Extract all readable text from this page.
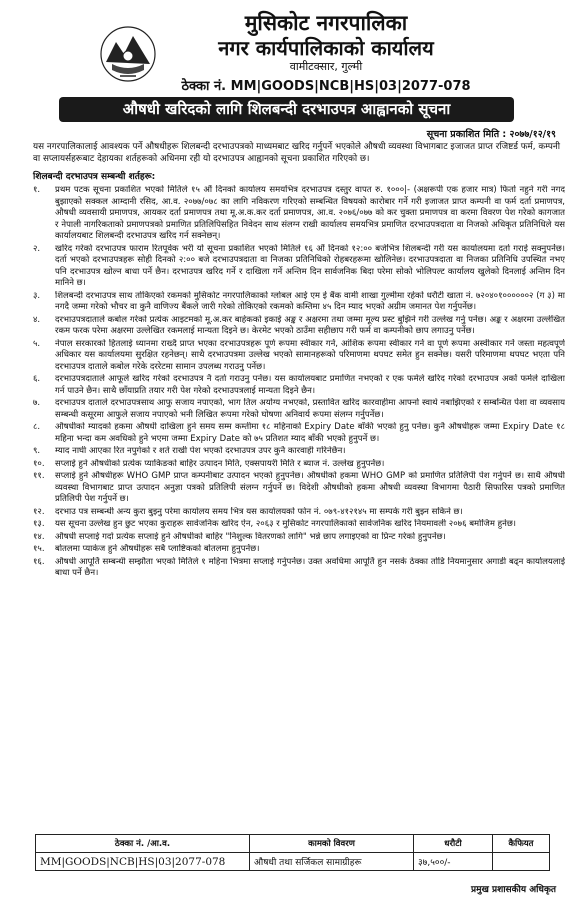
मुसिकोट नगरपालिका
नगर कार्यपालिकाको कार्यालय
वामीटक्सार, गुल्मी
ठेक्का नं. MM|GOODS|NCB|HS|03|2077-078
औषधी खरिदको लागि शिलबन्दी दरभाउपत्र आह्वानको सूचना
सूचना प्रकाशित मिति : २०७७/१२/१९
यस नगरपालिकालाई आवश्यक पर्ने औषधीहरू शिलबन्दी दरभाउपत्रको माध्यमबाट खरिद गर्नुपर्ने भएकोले औषधी व्यवस्था विभागबाट इजाजत प्राप्त रजिष्टर्ड फर्म, कम्पनी वा सप्लायर्सहरूबाट देहायका शर्तहरूको अधिनमा रही यो दरभाउपत्र आह्वानको सूचना प्रकाशित गरिएको छ।
शिलबन्दी दरभाउपत्र सम्बन्धी शर्तहरू:
१.	प्रथम पटक सूचना प्रकाशित भएको मितिले १५ औं दिनको कार्यालय समयभित्र दरभाउपत्र दस्तुर वापत रु. १०००|- (अक्षरूपी एक हजार मात्र) फिर्ता नहुने गरी नगद बुझाएको सक्कल आम्दानी रसिद, आ.व. २०७७/०७८ का लागि नविकरण गरिएको सम्बन्धित विषयको कारोबार गर्ने गरी इजाजत प्राप्त कम्पनी वा फर्म दर्ता प्रमाणपत्र, औषधी व्यवसायी प्रमाणपत्र, आयकर दर्ता प्रमाणपत्र तथा मू.अ.क.कर दर्ता प्रमाणपत्र, आ.व. २०७६/०७७ को कर चुक्ता प्रमाणपत्र वा करमा विवरण पेश गरेको कागजात र नेपाली नागरिकताको प्रमाणपत्रको प्रमाणित प्रतिलिपिसहित निवेदन साथ संलग्न राखी कार्यालय समयभित्र प्रमाणित दरभाउपत्रदाता वा निजको अधिकृत प्रतिनिधिले यस कार्यालयबाट शिलबन्दी दरभाउपत्र खरिद गर्न सक्नेछन्।
२.	खरिद गरेको दरभाउपत्र फाराम रितपूर्वक भरी यो सूचना प्रकाशित भएको मितिले १६ औं दिनको १२:०० बजेभित्र शिलबन्दी गरी यस कार्यालयमा दर्ता गराई सक्नुपर्नेछ। दर्ता भएको दरभाउपत्रहरू सोही दिनको २:०० बजे दरभाउपत्रदाता वा निजका प्रतिनिधिको रोहबरहरूमा खोलिनेछ। दरभाउपत्रदाता वा निजका प्रतिनिधि उपस्थित नभए पनि दरभाउपत्र खोल्न बाधा पर्ने छैन। दरभाउपत्र खरिद गर्ने र दाखिला गर्ने अन्तिम दिन सार्वजनिक बिदा परेमा सोको भोलिपल्ट कार्यालय खुलेको दिनलाई अन्तिम दिन मानिने छ।
३.	शिलबन्दी दरभाउपत्र साथ तोकिएको रकमको मुसिकोट नगरपालिकाको ग्लोबल आई एम ई बैंक वामी शाखा गुल्मीमा रहेको धरौटी खाता नं. ७२०४०१००००००२ (ग ३) मा नगदै जम्मा गरेको भौचर वा कुनै वाणिज्य बैंकले जारी गरेको तोकिएको रकमको कम्तिमा ४५ दिन म्याद भएको अग्रीम जमानत पेश गर्नुपर्नेछ।
४.	दरभाउपत्रदाताले कबोल गरेको प्रत्येक आइटमको मू.अ.कर बाहेकको इकाई अङ्क र अक्षरमा तथा जम्मा मूल्य प्रस्ट बुझिने गरी उल्लेख गर्नु पर्नेछ। अङ्क र अक्षरमा उल्लेखित रकम फरक परेमा अक्षरमा उल्लेखित रकमलाई मान्यता दिइने छ। केरमेट भएको ठाउँमा सहीछाप गरी फर्म वा कम्पनीको छाप लगाउनु पर्नेछ।
५.	नेपाल सरकारको हितलाई ध्यानमा राख्दै प्राप्त भएका दरभाउपत्रहरू पूर्ण रूपमा स्वीकार गर्ने, आंशिक रूपमा स्वीकार गर्ने वा पूर्ण रूपमा अस्वीकार गर्ने जस्ता महत्वपूर्ण अधिकार यस कार्यालयमा सुरक्षित रहनेछन्। साथै दरभाउपत्रमा उल्लेख भएको सामानहरूको परिमाणमा थपघट समेत हुन सक्नेछ। यसरी परिमाणमा थपघट भएता पनि दरभाउपत्र दाताले कबोल गरेके दररेटमा सामान उपलब्ध गराउनु पर्नेछ।
६.	दरभाउपत्रदाताले आफूले खरिद गरेको दरभाउपत्र नै दर्ता गराउनु पर्नेछ। यस कार्यालयबाट प्रमाणित नभएको र एक फर्मले खरिद गरेको दरभाउपत्र अर्को फर्मले दाखिला गर्न पाउने छैन। साथै छाँयाप्रति तयार गरी पेश गरेको दरभाउपत्रलाई मान्यता दिइने छैन।
७.	दरभाउपत्र दाताले दरभाउपत्रसाथ आफु सजाय नपाएको, भाग तिल अयोग्य नभएको, प्रस्तावित खरिद कारवाहीमा आफ्नो स्वार्थ नबाझिएको र सम्बन्धित पेशा वा व्यवसाय सम्बन्धी कसूरमा आफुले सजाय नपाएको भनी लिखित रूपमा गरेको घोषणा अनिवार्य रूपमा संलग्न गर्नुपर्नेछ।
८.	औषधीको म्यादको हकमा औषधी दाखिला हुने समय सम्म कम्तीमा १८ महिनाको Expiry Date बाँकी भएको हुनु पर्नेछ। कुनै औषधीहरू जम्मा Expiry Date १८ महिना भन्दा कम अवधिको हुने भएमा जम्मा Expiry Date को ७५ प्रतिशत म्याद बाँकी भएको हुनुपर्ने छ।
९.	म्याद नाघी आएका रित नपुगेको र शर्त राखी पेश भएको दरभाउपत्र उपर कुनै कारवाही गरिनेछैन।
१०.	सप्लाई हुने औषधीको प्रत्येक प्याकिङको बाहिर उत्पादन मिति, एक्सपायरी मिति र ब्याज नं. उल्लेख हुनुपर्नेछ।
११.	सप्लाई हुने औषधीहरू WHO GMP प्राप्त कम्पनीबाट उत्पादन भएको हुनुपर्नेछ। औषधीको हकमा WHO GMP को प्रमाणित प्रतिलिपी पेश गर्नुपर्ने छ। साथै औषधी व्यवस्था विभागबाट प्राप्त उत्पादन अनुज्ञा पत्रको प्रतिलिपी संलग्न गर्नुपर्ने छ। विदेशी औषधीको हकमा औषधी व्यवस्था विभागमा पैठारी सिफारिस पत्रको प्रमाणित प्रतिलिपी पेश गर्नुपर्ने छ।
१२.	दरभाउ पत्र सम्बन्धी अन्य कुरा बुझ्नु परेमा कार्यालय समय भित्र यस कार्यालयको फोन नं. ०७९-४१२१४५ मा सम्पर्क गरी बुझ्न सकिने छ।
१३.	यस सूचना उल्लेख हुन छुट भएका कुराहरू सार्वजनिक खरिद ऐन, २०६३ र मुसिकोट नगरपालिकाको सार्वजनिक खरिद नियमावली २०७६ बमोजिम हुनेछ।
१४.	औषधी सप्लाई गर्दा प्रत्येक सप्लाई हुने औषधीको बाहिर "निशुल्क वितरणको लागि" भन्ने छाप लगाइएको वा प्रिन्ट गरेको हुनुपर्नेछ।
१५.	बोतलमा प्याकेज हुने औषधीहरू सबै प्लाष्टिकको बोतलमा हुनुपर्नेछ।
१६.	औषधी आपूर्ति सम्बन्धी सम्झौता भएको मितिले १ महिना भित्रमा सप्लाई गर्नुपर्नेछ। उक्त अवधिमा आपूर्ति हुन नसके ठेक्का तोडि नियमानुसार अगाडी बढ्न कार्यालयलाई बाधा पर्ने छैन।
ठेक्का नं. /आ.व.	कामको विवरण	धरौटी	कैफियत
MM|GOODS|NCB|HS|03|2077-078	औषधी तथा सर्जिकल सामाग्रीहरू	३७,५००/-	
प्रमुख प्रशासकीय अधिकृत
